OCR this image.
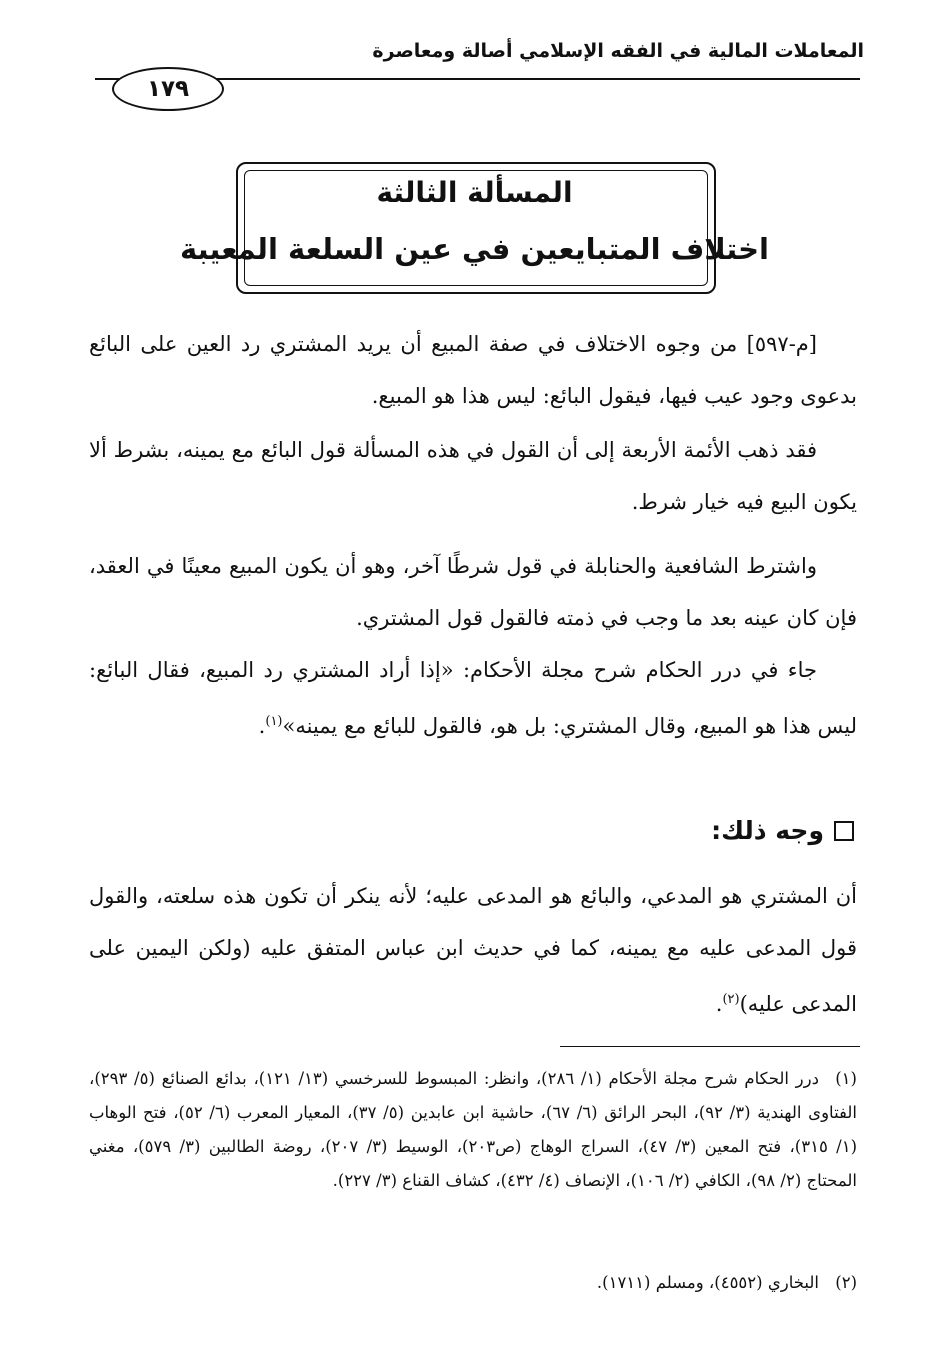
المعاملات المالية في الفقه الإسلامي أصالة ومعاصرة
١٧٩
المسألة الثالثة
اختلاف المتبايعين في عين السلعة المعيبة
[م-٥٩٧] من وجوه الاختلاف في صفة المبيع أن يريد المشتري رد العين على البائع بدعوى وجود عيب فيها، فيقول البائع: ليس هذا هو المبيع.
فقد ذهب الأئمة الأربعة إلى أن القول في هذه المسألة قول البائع مع يمينه، بشرط ألا يكون البيع فيه خيار شرط.
واشترط الشافعية والحنابلة في قول شرطًا آخر، وهو أن يكون المبيع معينًا في العقد، فإن كان عينه بعد ما وجب في ذمته فالقول قول المشتري.
جاء في درر الحكام شرح مجلة الأحكام: «إذا أراد المشتري رد المبيع، فقال البائع: ليس هذا هو المبيع، وقال المشتري: بل هو، فالقول للبائع مع يمينه»$^{(١)}$.
وجه ذلك:
أن المشتري هو المدعي، والبائع هو المدعى عليه؛ لأنه ينكر أن تكون هذه سلعته، والقول قول المدعى عليه مع يمينه، كما في حديث ابن عباس المتفق عليه (ولكن اليمين على المدعى عليه)$^{(٢)}$.
(١)درر الحكام شرح مجلة الأحكام (١/ ٢٨٦)، وانظر: المبسوط للسرخسي (١٣/ ١٢١)، بدائع الصنائع (٥/ ٢٩٣)، الفتاوى الهندية (٣/ ٩٢)، البحر الرائق (٦/ ٦٧)، حاشية ابن عابدين (٥/ ٣٧)، المعيار المعرب (٦/ ٥٢)، فتح الوهاب (١/ ٣١٥)، فتح المعين (٣/ ٤٧)، السراج الوهاج (ص٢٠٣)، الوسيط (٣/ ٢٠٧)، روضة الطالبين (٣/ ٥٧٩)، مغني المحتاج (٢/ ٩٨)، الكافي (٢/ ١٠٦)، الإنصاف (٤/ ٤٣٢)، كشاف القناع (٣/ ٢٢٧).
(٢)البخاري (٤٥٥٢)، ومسلم (١٧١١).
